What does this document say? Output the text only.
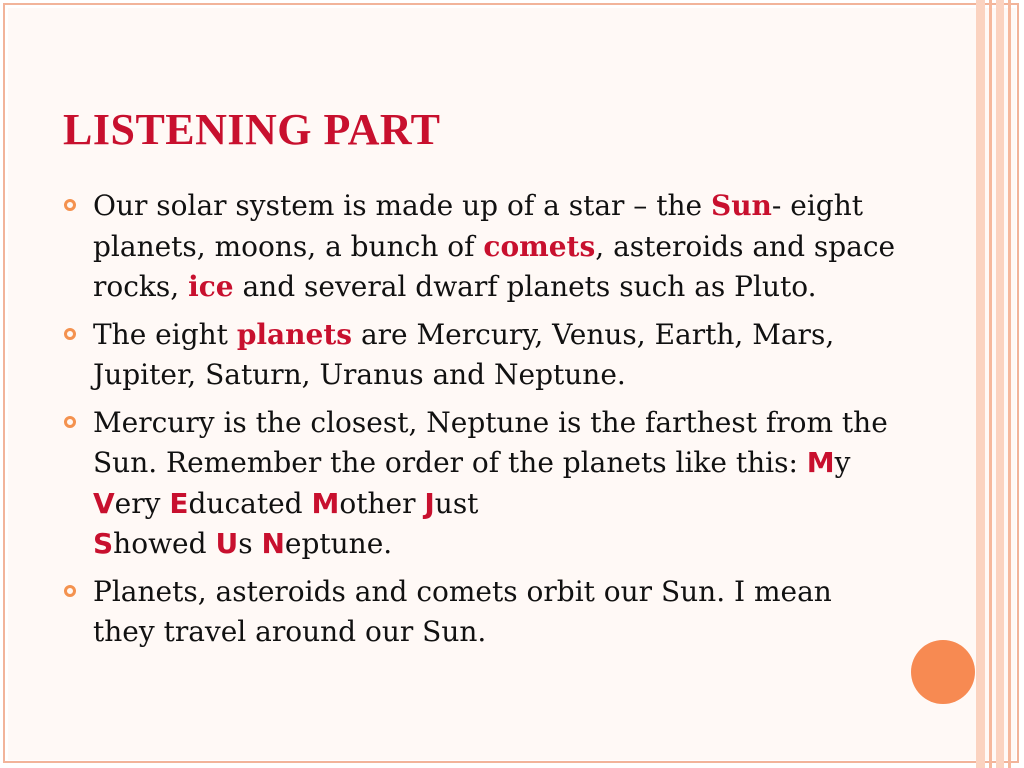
LISTENING PART
Our solar system is made up of a star – the Sun- eight planets, moons, a bunch of comets, asteroids and space rocks, ice and several dwarf planets such as Pluto.
The eight planets are Mercury, Venus, Earth, Mars, Jupiter, Saturn, Uranus and Neptune.
Mercury is the closest, Neptune is the farthest from the Sun. Remember the order of the planets like this: My Very Educated Mother Just
Showed Us Neptune.
Planets, asteroids and comets orbit our Sun. I mean they travel around our Sun.
